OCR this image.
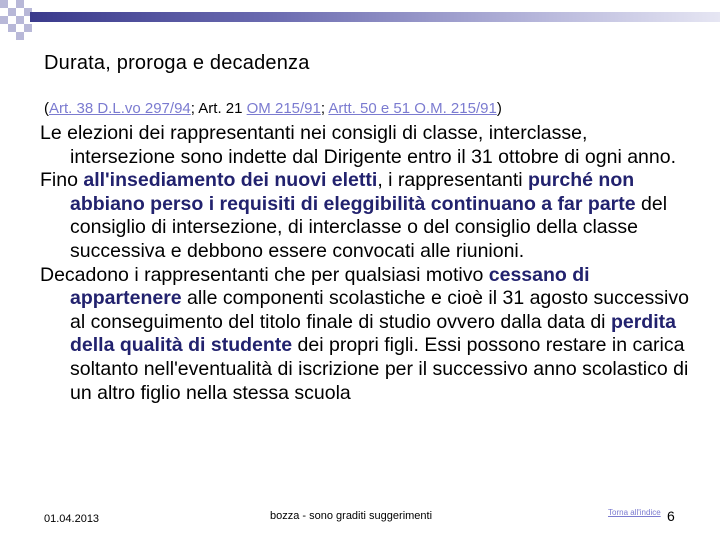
Durata, proroga e decadenza
(Art. 38 D.L.vo 297/94; Art. 21 OM 215/91; Artt. 50 e 51 O.M. 215/91)

Le elezioni dei rappresentanti nei consigli di classe, interclasse, intersezione sono indette dal Dirigente entro il 31 ottobre di ogni anno.

Fino all'insediamento dei nuovi eletti, i rappresentanti purché non abbiano perso i requisiti di eleggibilità continuano a far parte del consiglio di intersezione, di interclasse o del consiglio della classe successiva e debbono essere convocati alle riunioni.

Decadono i rappresentanti che per qualsiasi motivo cessano di appartenere alle componenti scolastiche e cioè il 31 agosto successivo al conseguimento del titolo finale di studio ovvero dalla data di perdita della qualità di studente dei propri figli. Essi possono restare in carica soltanto nell'eventualità di iscrizione per il successivo anno scolastico di un altro figlio nella stessa scuola

01.04.2013	bozza - sono graditi suggerimenti	Torna all'indice 6
